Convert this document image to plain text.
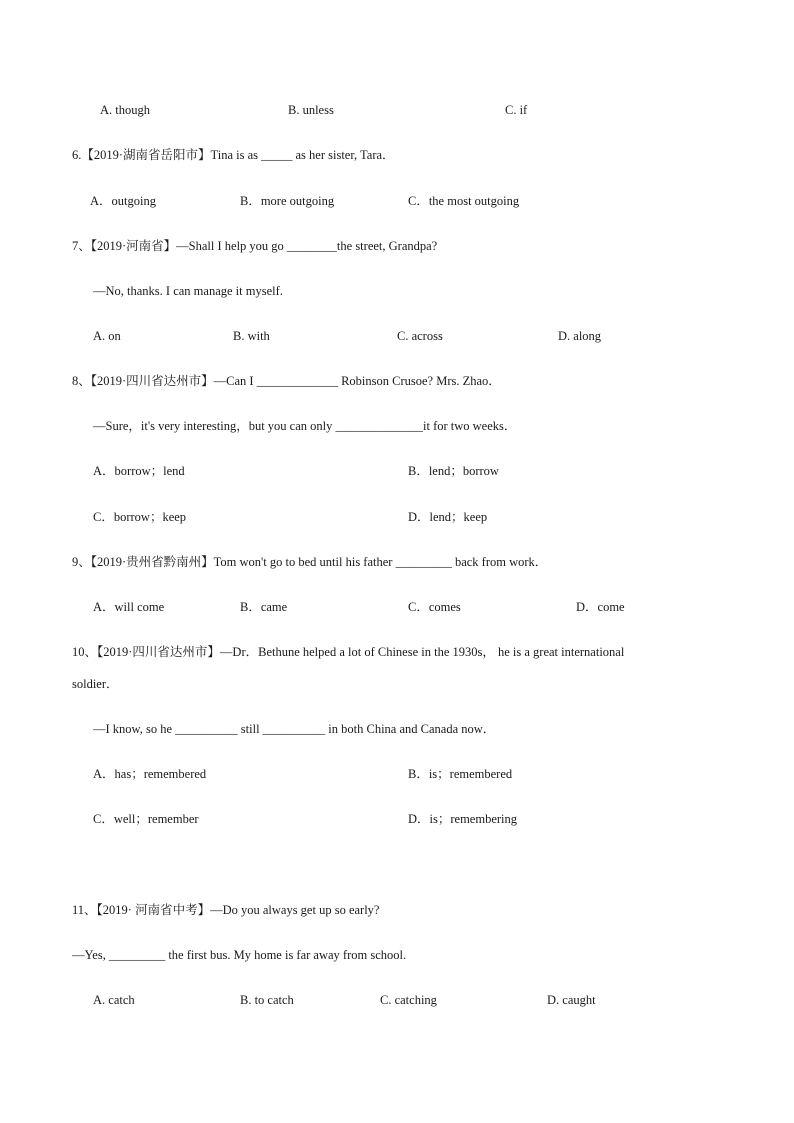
A. though	B. unless	C. if
6.【2019·湖南省岳阳市】Tina is as _____ as her sister, Tara．
A．outgoing	B．more outgoing	C．the most outgoing
7、【2019·河南省】—Shall I help you go ________the street, Grandpa?
—No, thanks. I can manage it myself.
A. on	B. with	C. across	D. along
8、【2019·四川省达州市】—Can I _____________ Robinson Crusoe? Mrs. Zhao．
—Sure，it's very interesting，but you can only ______________it for two weeks．
A．borrow；lend	B．lend；borrow
C．borrow；keep	D．lend；keep
9、【2019·贵州省黔南州】Tom won't go to bed until his father _________ back from work．
A．will come	B．came	C．comes	D．come
10、【2019·四川省达州市】—Dr．Bethune helped a lot of Chinese in the 1930s， he is a great international
soldier．
—I know, so he __________ still __________ in both China and Canada now．
A．has；remembered	B．is；remembered
C．well；remember	D．is；remembering
11、【2019· 河南省中考】—Do you always get up so early?
—Yes, _________ the first bus. My home is far away from school.
A. catch	B. to catch	C. catching	D. caught
